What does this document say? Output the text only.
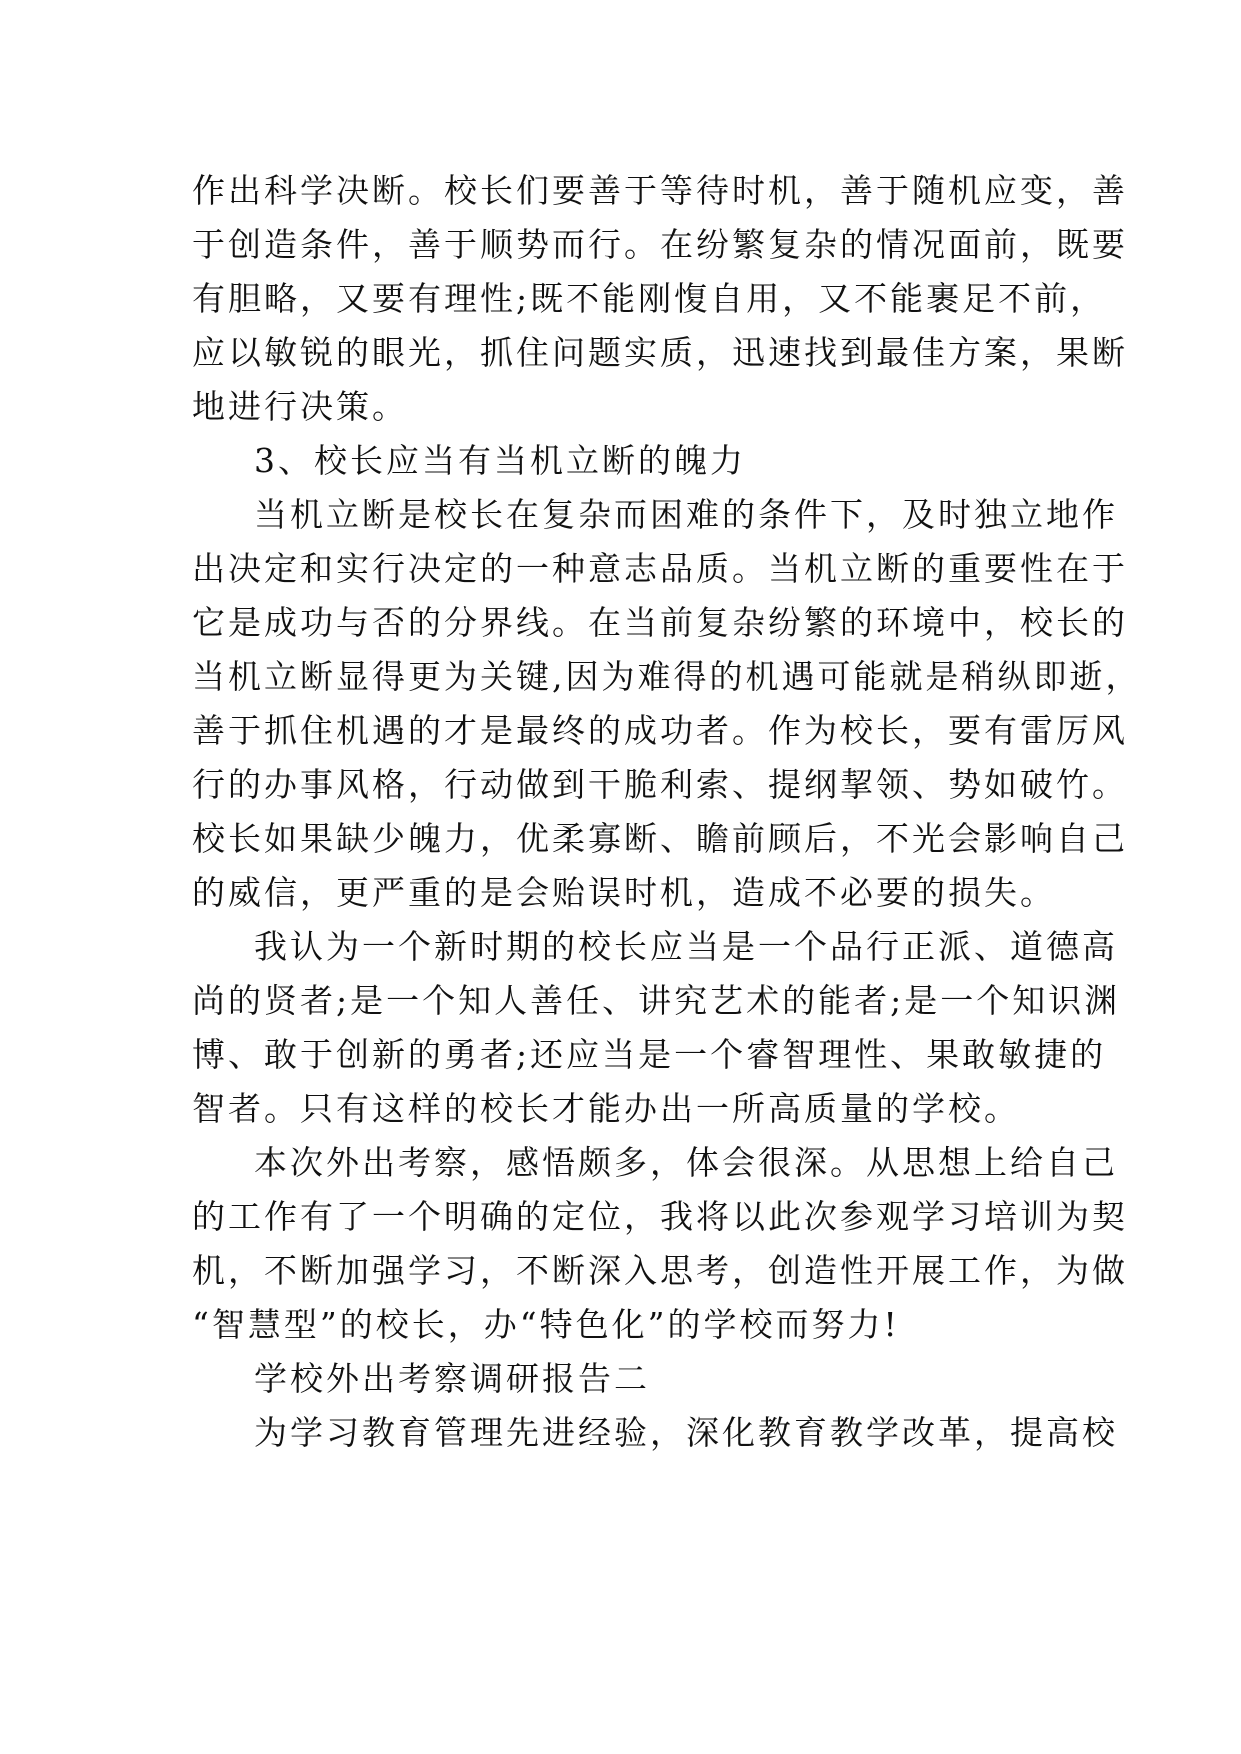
作出科学决断。校长们要善于等待时机，善于随机应变，善
于创造条件，善于顺势而行。在纷繁复杂的情况面前，既要
有胆略，又要有理性;既不能刚愎自用，又不能裹足不前，
应以敏锐的眼光，抓住问题实质，迅速找到最佳方案，果断
地进行决策。
3、校长应当有当机立断的魄力
当机立断是校长在复杂而困难的条件下，及时独立地作
出决定和实行决定的一种意志品质。当机立断的重要性在于
它是成功与否的分界线。在当前复杂纷繁的环境中，校长的
当机立断显得更为关键,因为难得的机遇可能就是稍纵即逝，
善于抓住机遇的才是最终的成功者。作为校长，要有雷厉风
行的办事风格，行动做到干脆利索、提纲挈领、势如破竹。
校长如果缺少魄力，优柔寡断、瞻前顾后，不光会影响自己
的威信，更严重的是会贻误时机，造成不必要的损失。
我认为一个新时期的校长应当是一个品行正派、道德高
尚的贤者;是一个知人善任、讲究艺术的能者;是一个知识渊
博、敢于创新的勇者;还应当是一个睿智理性、果敢敏捷的
智者。只有这样的校长才能办出一所高质量的学校。
本次外出考察，感悟颇多，体会很深。从思想上给自己
的工作有了一个明确的定位，我将以此次参观学习培训为契
机，不断加强学习，不断深入思考，创造性开展工作，为做
“智慧型”的校长，办“特色化”的学校而努力!
学校外出考察调研报告二
为学习教育管理先进经验，深化教育教学改革，提高校
